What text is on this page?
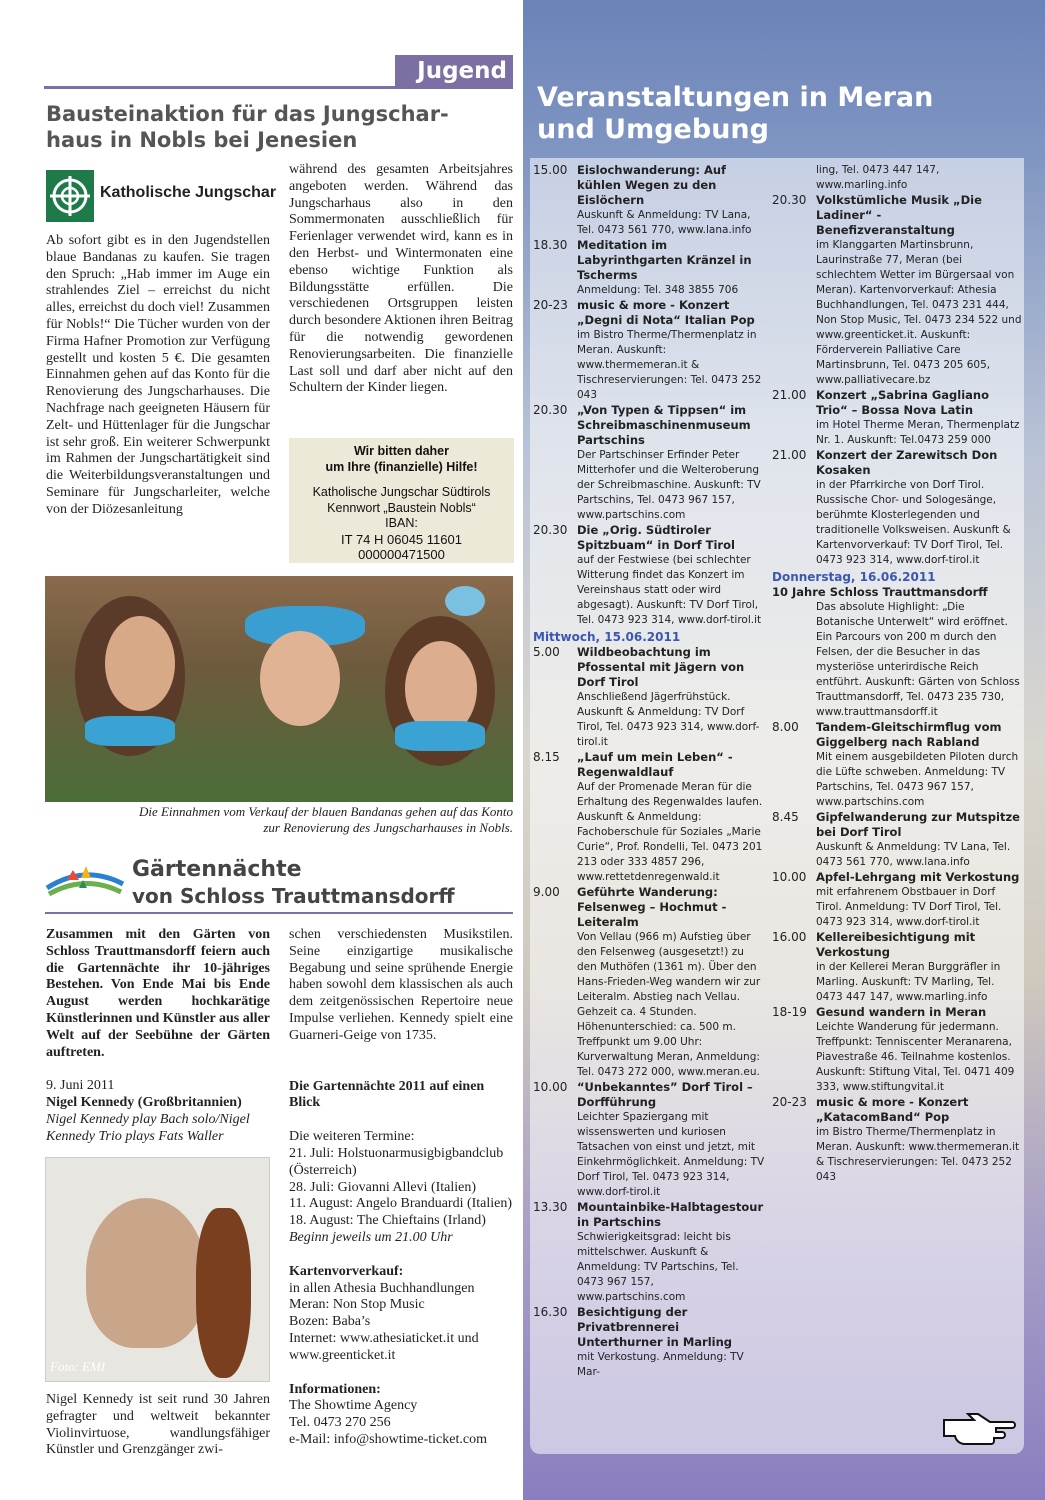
Jugend
Bausteinaktion für das Jungschar-
haus in Nobls bei Jenesien
Katholische Jungschar
Ab sofort gibt es in den Jugendstellen blaue Bandanas zu kaufen. Sie tragen den Spruch: „Hab immer im Auge ein strahlendes Ziel – erreichst du nicht alles, erreichst du doch viel! Zusammen für Nobls!“ Die Tücher wurden von der Firma Hafner Promotion zur Verfügung gestellt und kosten 5 €. Die gesamten Einnahmen gehen auf das Konto für die Renovierung des Jungscharhauses. Die Nachfrage nach geeigneten Häusern für Zelt- und Hüttenlager für die Jungschar ist sehr groß. Ein weiterer Schwerpunkt im Rahmen der Jungschartätigkeit sind die Weiterbildungsveranstaltungen und Seminare für Jungscharleiter, welche von der Diözesanleitung
während des gesamten Arbeitsjahres angeboten werden. Während das Jungscharhaus also in den Sommermonaten ausschließlich für Ferienlager verwendet wird, kann es in den Herbst- und Wintermonaten eine ebenso wichtige Funktion als Bildungsstätte erfüllen. Die verschiedenen Ortsgruppen leisten durch besondere Aktionen ihren Beitrag für die notwendig gewordenen Renovierungsarbeiten. Die finanzielle Last soll und darf aber nicht auf den Schultern der Kinder liegen.
Wir bitten daher
um Ihre (finanzielle) Hilfe!
Katholische Jungschar Südtirols
Kennwort „Baustein Nobls“
IBAN:
IT 74 H 06045 11601 000000471500
Die Einnahmen vom Verkauf der blauen Bandanas gehen auf das Konto
zur Renovierung des Jungscharhauses in Nobls.
Gärtennächte
von Schloss Trauttmansdorff
Zusammen mit den Gärten von Schloss Trauttmansdorff feiern auch die Gartennächte ihr 10-jähriges Bestehen. Von Ende Mai bis Ende August werden hochkarätige Künstlerinnen und Künstler aus aller Welt auf der Seebühne der Gärten auftreten.
9. Juni 2011
Nigel Kennedy (Großbritannien)
Nigel Kennedy play Bach solo/Nigel Kennedy Trio plays Fats Waller
Foto: EMI
Nigel Kennedy ist seit rund 30 Jahren gefragter und weltweit bekannter Violinvirtuose, wandlungsfähiger Künstler und Grenzgänger zwi-
schen verschiedensten Musikstilen. Seine einzigartige musikalische Begabung und seine sprühende Energie haben sowohl dem klassischen als auch dem zeitgenössischen Repertoire neue Impulse verliehen. Kennedy spielt eine Guarneri-Geige von 1735.
Die Gartennächte 2011 auf einen Blick
Die weiteren Termine:
21. Juli: Holstuonarmusigbigbandclub (Österreich)
28. Juli: Giovanni Allevi (Italien)
11. August: Angelo Branduardi (Italien)
18. August: The Chieftains (Irland)
Beginn jeweils um 21.00 Uhr
Kartenvorverkauf:
in allen Athesia Buchhandlungen
Meran: Non Stop Music
Bozen: Baba’s
Internet: www.athesiaticket.it und
www.greenticket.it
Informationen:
The Showtime Agency
Tel. 0473 270 256
e-Mail: info@showtime-ticket.com
Veranstaltungen in Meran
und Umgebung
15.00 Eislochwanderung: Auf kühlen Wegen zu den Eislöchern
Auskunft & Anmeldung: TV Lana, Tel. 0473 561 770, www.lana.info
18.30 Meditation im Labyrinthgarten Kränzel in Tscherms
Anmeldung: Tel. 348 3855 706
20-23 music & more - Konzert „Degni di Nota“ Italian Pop
im Bistro Therme/Thermenplatz in Meran. Auskunft: www.thermemeran.it & Tischreservierungen: Tel. 0473 252 043
20.30 „Von Typen & Tippsen“ im Schreibmaschinenmuseum Partschins
Der Partschinser Erfinder Peter Mitterhofer und die Welteroberung der Schreibmaschine. Auskunft: TV Partschins, Tel. 0473 967 157, www.partschins.com
20.30 Die „Orig. Südtiroler Spitzbuam“ in Dorf Tirol
auf der Festwiese (bei schlechter Witterung findet das Konzert im Vereinshaus statt oder wird abgesagt). Auskunft: TV Dorf Tirol, Tel. 0473 923 314, www.dorf-tirol.it
Mittwoch, 15.06.2011
5.00	Wildbeobachtung im Pfossental mit Jägern von Dorf Tirol
Anschließend Jägerfrühstück. Auskunft & Anmeldung: TV Dorf Tirol, Tel. 0473 923 314, www.dorf-tirol.it
8.15	„Lauf um mein Leben“ - Regenwaldlauf
Auf der Promenade Meran für die Erhaltung des Regenwaldes laufen. Auskunft & Anmeldung: Fachoberschule für Soziales „Marie Curie“, Prof. Rondelli, Tel. 0473 201 213 oder 333 4857 296, www.rettetdenregenwald.it
9.00	Geführte Wanderung: Felsenweg – Hochmut - Leiteralm
Von Vellau (966 m) Aufstieg über den Felsenweg (ausgesetzt!) zu den Muthöfen (1361 m). Über den Hans-Frieden-Weg wandern wir zur Leiteralm. Abstieg nach Vellau. Gehzeit ca. 4 Stunden. Höhenunterschied: ca. 500 m. Treffpunkt um 9.00 Uhr: Kurverwaltung Meran, Anmeldung: Tel. 0473 272 000, www.meran.eu.
10.00 “Unbekanntes” Dorf Tirol – Dorfführung
Leichter Spaziergang mit wissenswerten und kuriosen Tatsachen von einst und jetzt, mit Einkehrmöglichkeit. Anmeldung: TV Dorf Tirol, Tel. 0473 923 314, www.dorf-tirol.it
13.30 Mountainbike-Halbtagestour in Partschins
Schwierigkeitsgrad: leicht bis mittelschwer. Auskunft & Anmeldung: TV Partschins, Tel. 0473 967 157, www.partschins.com
16.30 Besichtigung der Privatbrennerei Unterthurner in Marling
mit Verkostung. Anmeldung: TV Mar-
ling, Tel. 0473 447 147, www.marling.info
20.30 Volkstümliche Musik „Die Ladiner“ - Benefizveranstaltung
im Klanggarten Martinsbrunn, Laurinstraße 77, Meran (bei schlechtem Wetter im Bürgersaal von Meran). Kartenvorverkauf: Athesia Buchhandlungen, Tel. 0473 231 444, Non Stop Music, Tel. 0473 234 522 und www.greenticket.it. Auskunft: Förderverein Palliative Care Martinsbrunn, Tel. 0473 205 605, www.palliativecare.bz
21.00 Konzert „Sabrina Gagliano Trio“ – Bossa Nova Latin
im Hotel Therme Meran, Thermenplatz Nr. 1. Auskunft: Tel.0473 259 000
21.00 Konzert der Zarewitsch Don Kosaken
in der Pfarrkirche von Dorf Tirol. Russische Chor- und Sologesänge, berühmte Klosterlegenden und traditionelle Volksweisen. Auskunft & Kartenvorverkauf: TV Dorf Tirol, Tel. 0473 923 314, www.dorf-tirol.it
Donnerstag, 16.06.2011
10 Jahre Schloss Trauttmansdorff
Das absolute Highlight: „Die Botanische Unterwelt“ wird eröffnet. Ein Parcours von 200 m durch den Felsen, der die Besucher in das mysteriöse unterirdische Reich entführt. Auskunft: Gärten von Schloss Trauttmansdorff, Tel. 0473 235 730, www.trauttmansdorff.it
8.00	Tandem-Gleitschirmflug vom Giggelberg nach Rabland
Mit einem ausgebildeten Piloten durch die Lüfte schweben. Anmeldung: TV Partschins, Tel. 0473 967 157, www.partschins.com
8.45	Gipfelwanderung zur Mutspitze bei Dorf Tirol
Auskunft & Anmeldung: TV Lana, Tel. 0473 561 770, www.lana.info
10.00 Apfel-Lehrgang mit Verkostung
mit erfahrenem Obstbauer in Dorf Tirol. Anmeldung: TV Dorf Tirol, Tel. 0473 923 314, www.dorf-tirol.it
16.00 Kellereibesichtigung mit Verkostung
in der Kellerei Meran Burggräfler in Marling. Auskunft: TV Marling, Tel. 0473 447 147, www.marling.info
18-19 Gesund wandern in Meran
Leichte Wanderung für jedermann. Treffpunkt: Tenniscenter Meranarena, Piavestraße 46. Teilnahme kostenlos. Auskunft: Stiftung Vital, Tel. 0471 409 333, www.stiftungvital.it
20-23 music & more - Konzert „KatacomBand“ Pop
im Bistro Therme/Thermenplatz in Meran. Auskunft: www.thermemeran.it & Tischreservierungen: Tel. 0473 252 043
